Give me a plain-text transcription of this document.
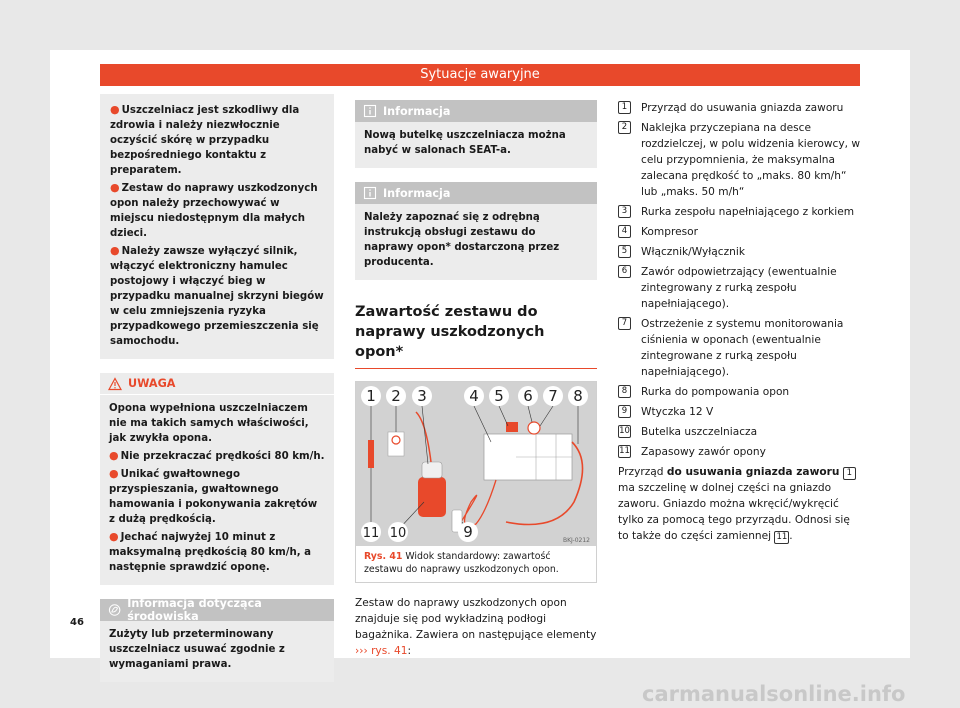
Sytuacje awaryjne

● Uszczelniacz jest szkodliwy dla zdrowia i należy niezwłocznie oczyścić skórę w przypadku bezpośredniego kontaktu z preparatem.

● Zestaw do naprawy uszkodzonych opon należy przechowywać w miejscu niedostępnym dla małych dzieci.

● Należy zawsze wyłączyć silnik, włączyć elektroniczny hamulec postojowy i włączyć bieg w przypadku manualnej skrzyni biegów w celu zmniejszenia ryzyka przypadkowego przemieszczenia się samochodu.

UWAGA

Opona wypełniona uszczelniaczem nie ma takich samych właściwości, jak zwykła opona.

● Nie przekraczać prędkości 80 km/h.

● Unikać gwałtownego przyspieszania, gwałtownego hamowania i pokonywania zakrętów z dużą prędkością.

● Jechać najwyżej 10 minut z maksymalną prędkością 80 km/h, a następnie sprawdzić oponę.

Informacja dotycząca środowiska

Zużyty lub przeterminowany uszczelniacz usuwać zgodnie z wymaganiami prawa.

Informacja

Nową butelkę uszczelniacza można nabyć w salonach SEAT-a.

Informacja

Należy zapoznać się z odrębną instrukcją obsługi zestawu do naprawy opon* dostarczoną przez producenta.

Zawartość zestawu do naprawy uszkodzonych opon*
1 2 3	4 5 6 7 8
11 10	9	BKJ-0212
Rys. 41 Widok standardowy: zawartość zestawu do naprawy uszkodzonych opon.

Zestaw do naprawy uszkodzonych opon znajduje się pod wykładziną podłogi bagażnika. Zawiera on następujące elementy ››› rys. 41:

1	Przyrząd do usuwania gniazda zaworu
2	Naklejka przyczepiana na desce rozdzielczej, w polu widzenia kierowcy, w celu przypomnienia, że maksymalna zalecana prędkość to „maks. 80 km/h“ lub „maks. 50 m/h“
3	Rurka zespołu napełniającego z korkiem
4	Kompresor
5	Włącznik/Wyłącznik
6	Zawór odpowietrzający (ewentualnie zintegrowany z rurką zespołu napełniającego).
7	Ostrzeżenie z systemu monitorowania ciśnienia w oponach (ewentualnie zintegrowane z rurką zespołu napełniającego).
8	Rurka do pompowania opon
9	Wtyczka 12 V
10 Butelka uszczelniacza
11 Zapasowy zawór opony

Przyrząd do usuwania gniazda zaworu 1 ma szczelinę w dolnej części na gniazdo zaworu. Gniazdo można wkręcić/wykręcić tylko za pomocą tego przyrządu. Odnosi się to także do części zamiennej 11 .

46
carmanualsonline.info
